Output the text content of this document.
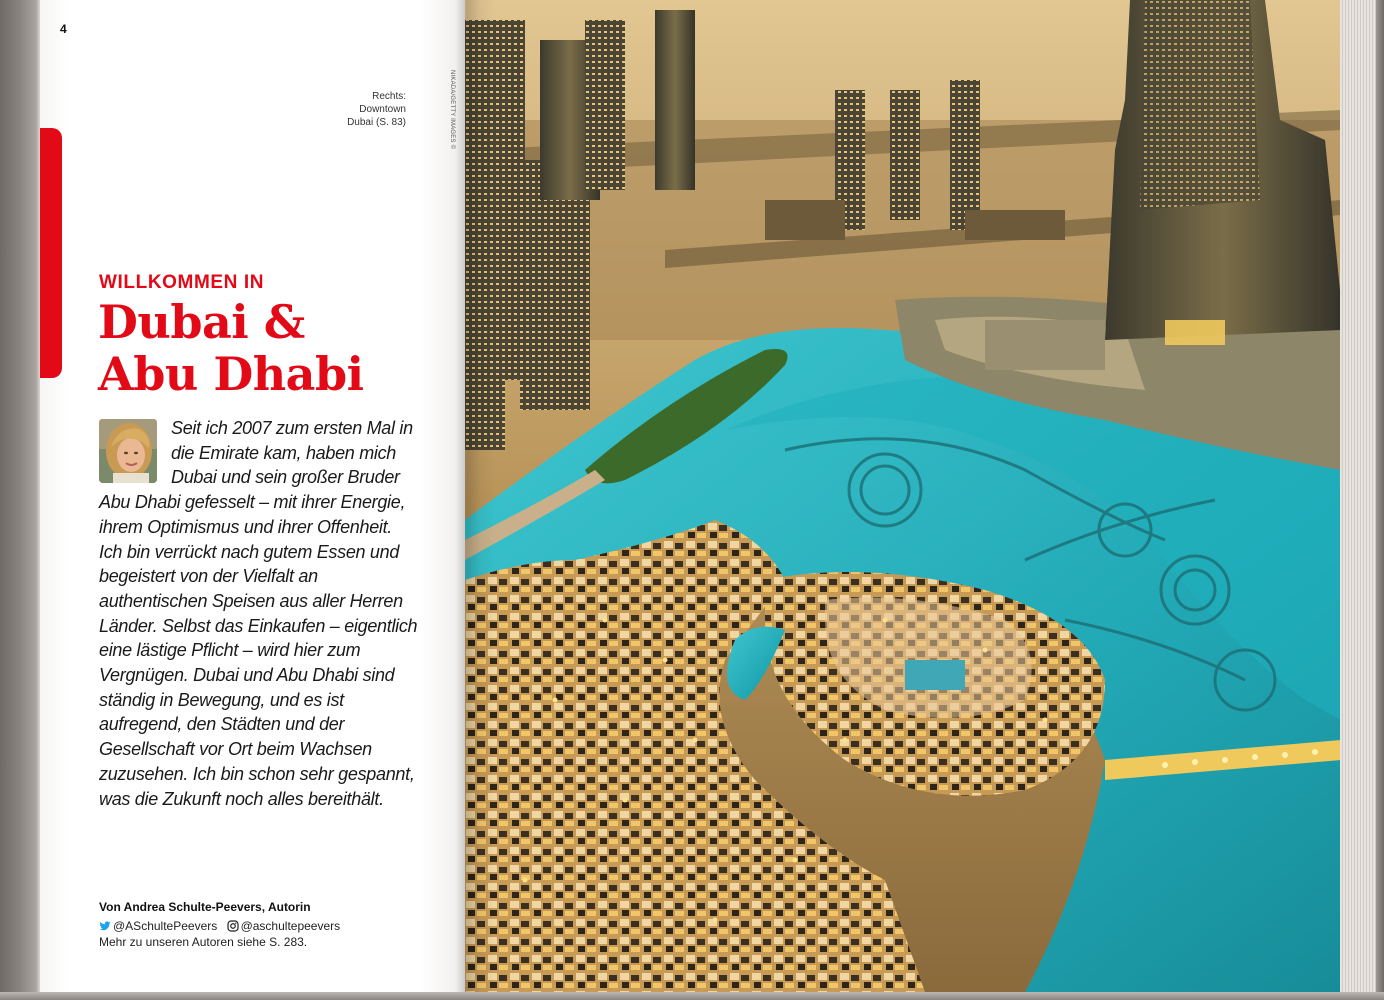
4
Rechts:
Downtown
Dubai (S. 83)	NIKADA/GETTY IMAGES ©
WILLKOMMEN IN
Dubai &
Abu Dhabi
Seit ich 2007 zum ersten Mal in die Emirate kam, haben mich Dubai und sein großer Bruder Abu Dhabi gefesselt – mit ihrer Energie, ihrem Optimismus und ihrer Offenheit. Ich bin verrückt nach gutem Essen und begeistert von der Vielfalt an authentischen Speisen aus aller Herren Länder. Selbst das Einkaufen – eigentlich eine lästige Pflicht – wird hier zum Vergnügen. Dubai und Abu Dhabi sind ständig in Bewegung, und es ist aufregend, den Städten und der Gesellschaft vor Ort beim Wachsen zuzusehen. Ich bin schon sehr gespannt, was die Zukunft noch alles bereithält.
Von Andrea Schulte-Peevers, Autorin
@ASchultePeevers @aschultepeevers
Mehr zu unseren Autoren siehe S. 283.
